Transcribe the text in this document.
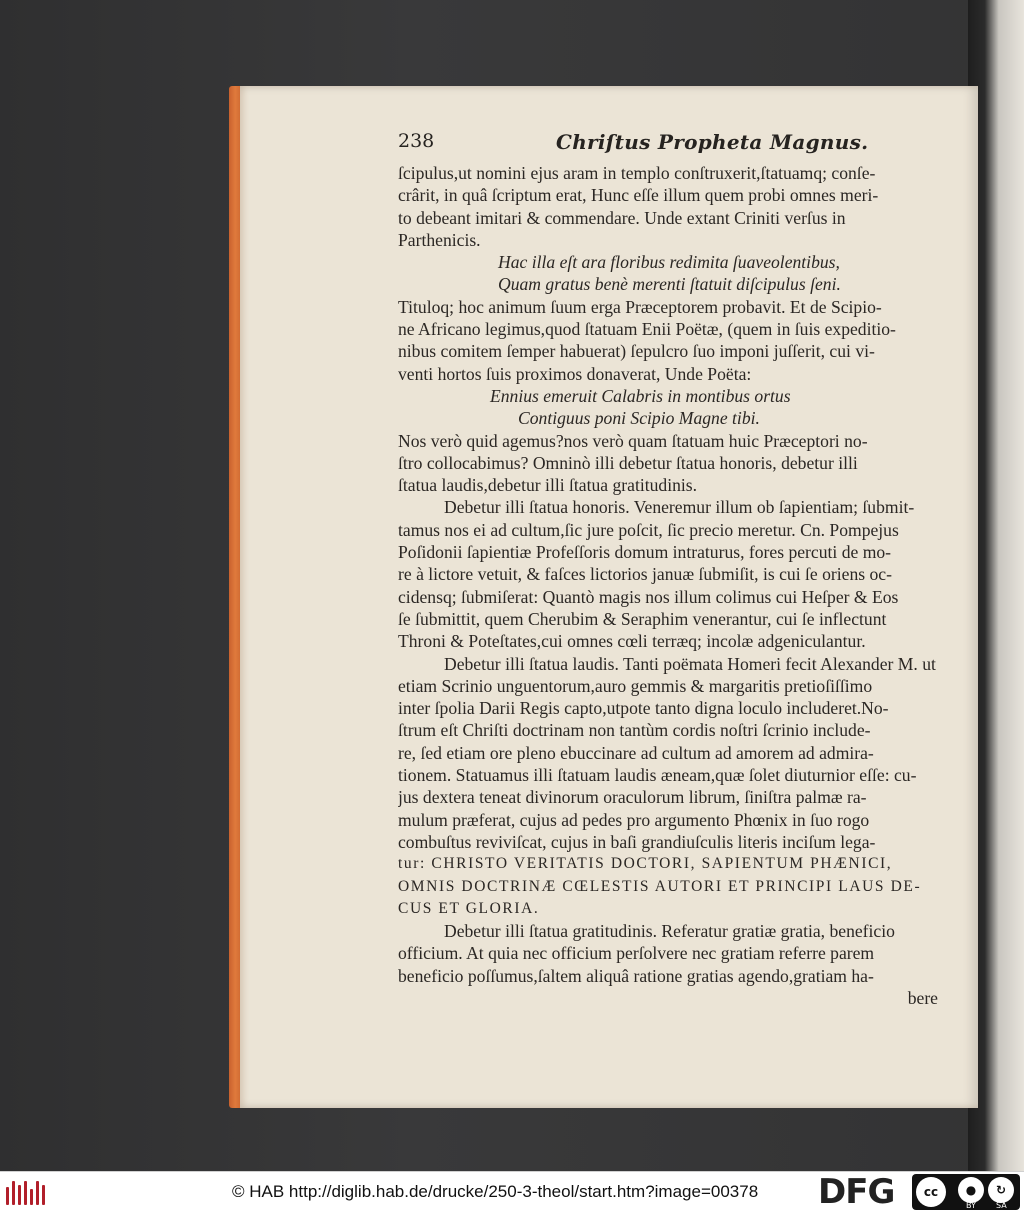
238	Chriſtus Propheta Magnus.
ſcipulus,ut nomini ejus aram in templo conſtruxerit,ſtatuamq; conſe-
crârit, in quâ ſcriptum erat, Hunc eſſe illum quem probi omnes meri-
to debeant imitari & commendare. Unde extant Criniti verſus in
Parthenicis.
Hac illa eſt ara floribus redimita ſuaveolentibus,
Quam gratus benè merenti ſtatuit diſcipulus ſeni.
Tituloq; hoc animum ſuum erga Præceptorem probavit. Et de Scipio-
ne Africano legimus,quod ſtatuam Enii Poëtæ, (quem in ſuis expeditio-
nibus comitem ſemper habuerat) ſepulcro ſuo imponi juſſerit, cui vi-
venti hortos ſuis proximos donaverat, Unde Poëta:
Ennius emeruit Calabris in montibus ortus
Contiguus poni Scipio Magne tibi.
Nos verò quid agemus?nos verò quam ſtatuam huic Præceptori no-
ſtro collocabimus? Omninò illi debetur ſtatua honoris, debetur illi
ſtatua laudis,debetur illi ſtatua gratitudinis.
Debetur illi ſtatua honoris. Veneremur illum ob ſapientiam; ſubmit-
tamus nos ei ad cultum,ſic jure poſcit, ſic precio meretur. Cn. Pompejus
Poſidonii ſapientiæ Profeſſoris domum intraturus, fores percuti de mo-
re à lictore vetuit, & faſces lictorios januæ ſubmiſit, is cui ſe oriens oc-
cidensq; ſubmiſerat: Quantò magis nos illum colimus cui Heſper & Eos
ſe ſubmittit, quem Cherubim & Seraphim venerantur, cui ſe inflectunt
Throni & Poteſtates,cui omnes cœli terræq; incolæ adgeniculantur.
Debetur illi ſtatua laudis. Tanti poëmata Homeri fecit Alexander M. ut
etiam Scrinio unguentorum,auro gemmis & margaritis pretioſiſſimo
inter ſpolia Darii Regis capto,utpote tanto digna loculo includeret.No-
ſtrum eſt Chriſti doctrinam non tantùm cordis noſtri ſcrinio include-
re, ſed etiam ore pleno ebuccinare ad cultum ad amorem ad admira-
tionem. Statuamus illi ſtatuam laudis æneam,quæ ſolet diuturnior eſſe: cu-
jus dextera teneat divinorum oraculorum librum, ſiniſtra palmæ ra-
mulum præferat, cujus ad pedes pro argumento Phœnix in ſuo rogo
combuſtus reviviſcat, cujus in baſi grandiuſculis literis inciſum lega-
tur: CHRISTO VERITATIS DOCTORI, SAPIENTUM PHÆNICI,
OMNIS DOCTRINÆ CŒLESTIS AUTORI ET PRINCIPI LAUS DE-
CUS ET GLORIA.
Debetur illi ſtatua gratitudinis. Referatur gratiæ gratia, beneficio
officium. At quia nec officium perſolvere nec gratiam referre parem
beneficio poſſumus,ſaltem aliquâ ratione gratias agendo,gratiam ha-
bere
© HAB http://diglib.hab.de/drucke/250-3-theol/start.htm?image=00378 DFG	cc	●	↻
BY	SA
